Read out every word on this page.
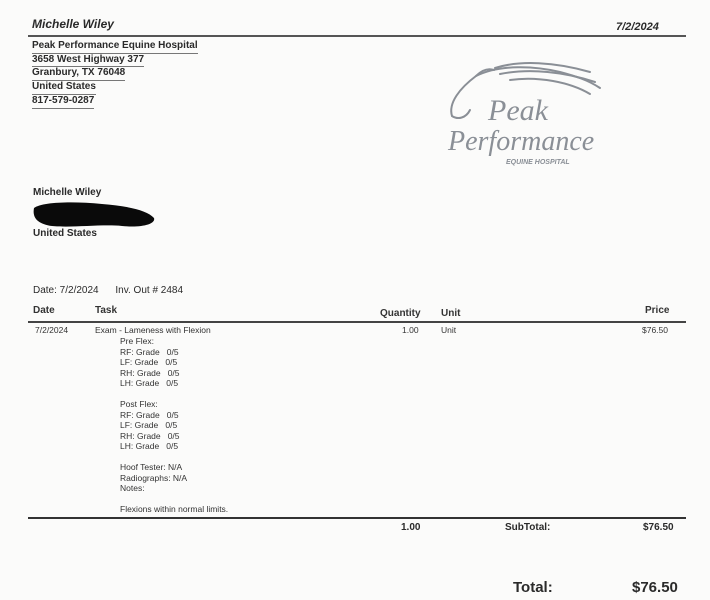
Michelle Wiley	7/2/2024
Peak Performance Equine Hospital
3658 West Highway 377
Granbury, TX 76048
United States
817-579-0287	Peak
Performance
EQUINE HOSPITAL
Michelle Wiley
United States
Date: 7/2/2024 Inv. Out # 2484
Date	Task	Quantity Unit	Price
7/2/2024	Exam - Lameness with Flexion	1.00	Unit	$76.50
Pre Flex:
RF: Grade   0/5
LF: Grade   0/5
RH: Grade   0/5
LH: Grade   0/5
Post Flex:
RF: Grade   0/5
LF: Grade   0/5
RH: Grade   0/5
LH: Grade   0/5
Hoof Tester: N/A
Radiographs: N/A
Notes:
Flexions within normal limits.
1.00	SubTotal:	$76.50
Total:	$76.50
